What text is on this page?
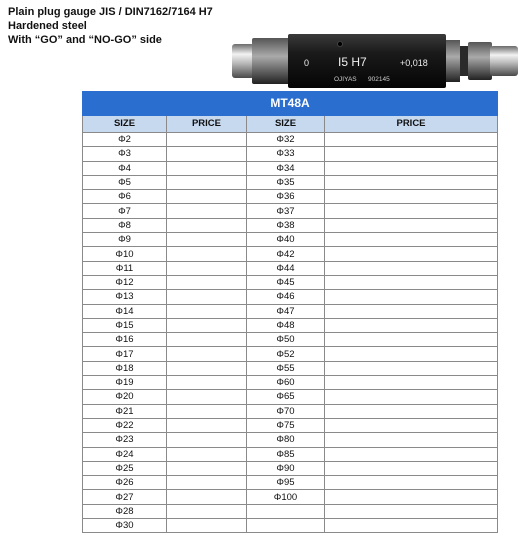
Plain plug gauge JIS / DIN7162/7164 H7
Hardened steel
With “GO” and “NO-GO” side
0 I5 H7	+0,018
OJIYAS 902145
MT48A			
SIZE	PRICE	SIZE	PRICE
Φ2		Φ32	
Φ3		Φ33	
Φ4		Φ34	
Φ5		Φ35	
Φ6		Φ36	
Φ7		Φ37	
Φ8		Φ38	
Φ9		Φ40	
Φ10		Φ42	
Φ11		Φ44	
Φ12		Φ45	
Φ13		Φ46	
Φ14		Φ47	
Φ15		Φ48	
Φ16		Φ50	
Φ17		Φ52	
Φ18		Φ55	
Φ19		Φ60	
Φ20		Φ65	
Φ21		Φ70	
Φ22		Φ75	
Φ23		Φ80	
Φ24		Φ85	
Φ25		Φ90	
Φ26		Φ95	
Φ27		Φ100	
Φ28			
Φ30			
